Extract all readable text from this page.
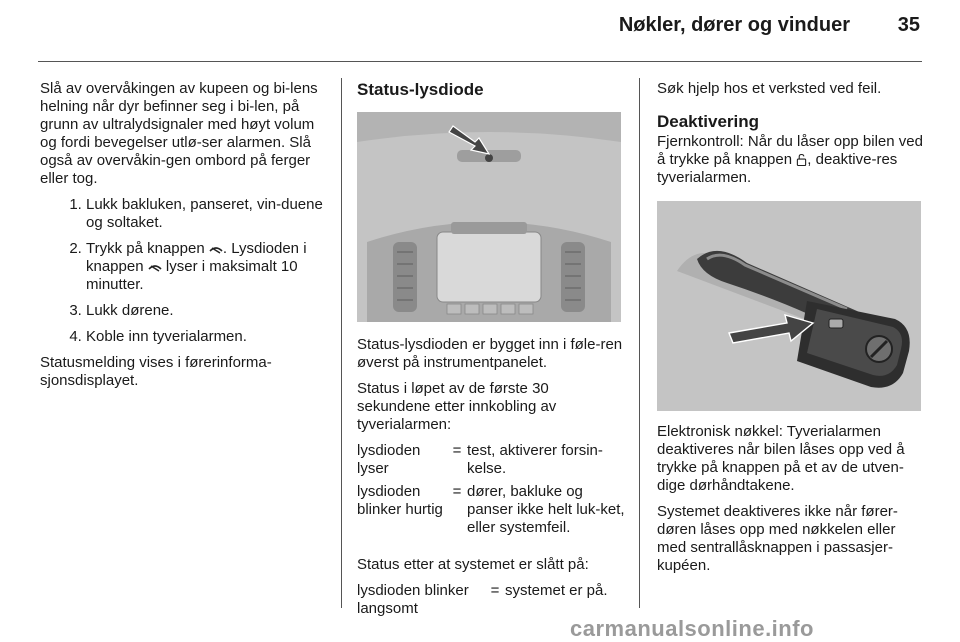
Nøkler, dører og vinduer	35

Slå av overvåkingen av kupeen og bi-lens helning når dyr befinner seg i bi-len, på grunn av ultralydsignaler med høyt volum og fordi bevegelser utlø-ser alarmen. Slå også av overvåkin-gen ombord på ferger eller tog.

1. Lukk bakluken, panseret, vin-duene og soltaket.
2. Trykk på knappen . Lysdioden i knappen lyser i maksimalt 10 minutter.
3. Lukk dørene.
4. Koble inn tyverialarmen.

Statusmelding vises i førerinforma-sjonsdisplayet.

Status-lysdiode

Status-lysdioden er bygget inn i føle-ren øverst på instrumentpanelet.

Status i løpet av de første 30 sekundene etter innkobling av tyverialarmen:

lysdioden lyser	=	test, aktiverer forsin-kelse.
lysdioden blinker hurtig	=	dører, bakluke og panser ikke helt luk-ket, eller systemfeil.

Status etter at systemet er slått på:

lysdioden blinker langsomt	=	systemet er på.

Søk hjelp hos et verksted ved feil.

Deaktivering

Fjernkontroll: Når du låser opp bilen ved å trykke på knappen , deaktive-res tyverialarmen.

Elektronisk nøkkel: Tyverialarmen deaktiveres når bilen låses opp ved å trykke på knappen på et av de utven-dige dørhåndtakene.

Systemet deaktiveres ikke når fører-døren låses opp med nøkkelen eller med sentrallåsknappen i passasjer-kupéen.

carmanualsonline.info
